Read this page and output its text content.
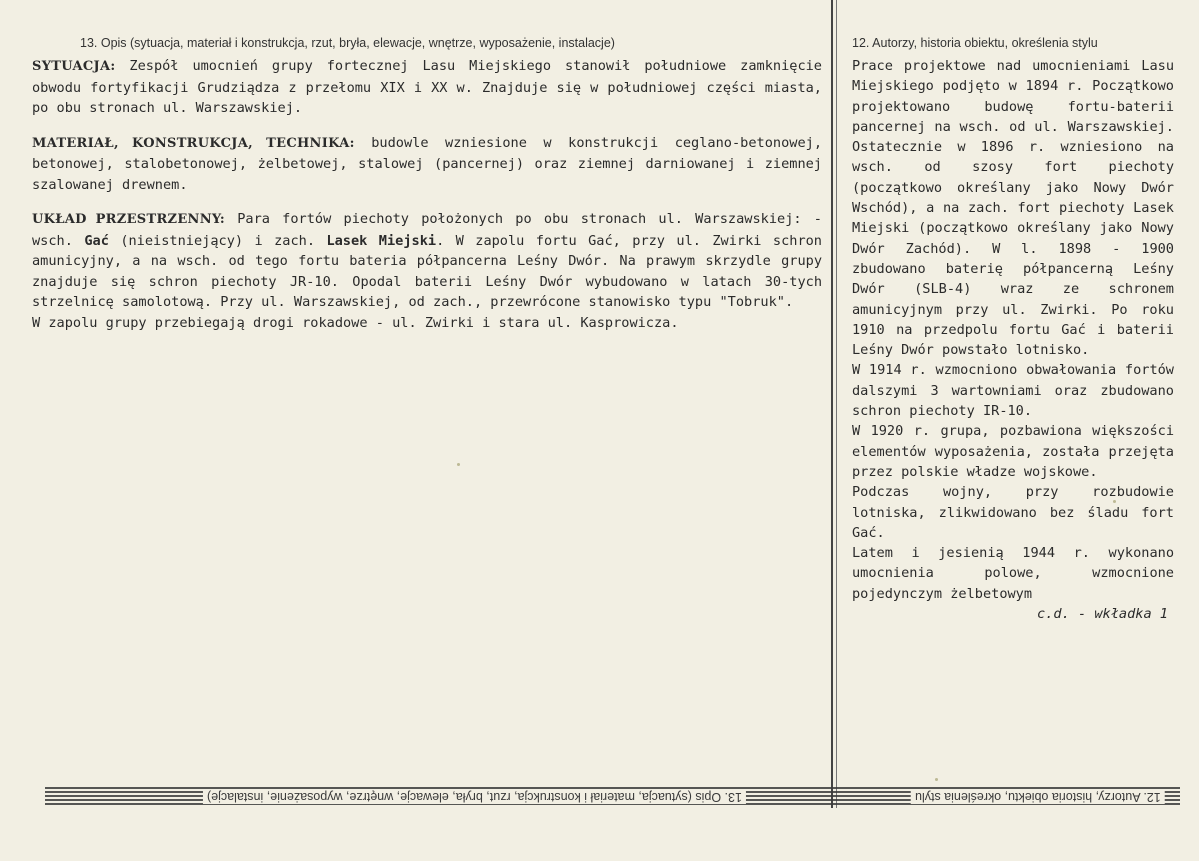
13. Opis (sytuacja, materiał i konstrukcja, rzut, bryła, elewacje, wnętrze, wyposażenie, instalacje)

SYTUACJA: Zespół umocnień grupy fortecznej Lasu Miejskiego stanowił południowe zamknięcie obwodu fortyfikacji Grudziądza z przełomu XIX i XX w. Znajduje się w południowej części miasta, po obu stronach ul. Warszawskiej.

MATERIAŁ, KONSTRUKCJA, TECHNIKA: budowle wzniesione w konstrukcji ceglano-betonowej, betonowej, stalobetonowej, żelbetowej, stalowej (pancernej) oraz ziemnej darniowanej i ziemnej szalowanej drewnem.

UKŁAD PRZESTRZENNY: Para fortów piechoty położonych po obu stronach ul. Warszawskiej: - wsch. Gać (nieistniejący) i zach. Lasek Miejski. W zapolu fortu Gać, przy ul. Zwirki schron amunicyjny, a na wsch. od tego fortu bateria półpancerna Leśny Dwór. Na prawym skrzydle grupy znajduje się schron piechoty JR-10. Opodal baterii Leśny Dwór wybudowano w latach 30-tych strzelnicę samolotową. Przy ul. Warszawskiej, od zach., przewrócone stanowisko typu "Tobruk".

W zapolu grupy przebiegają drogi rokadowe - ul. Zwirki i stara ul. Kasprowicza.

12. Autorzy, historia obiektu, określenia stylu

Prace projektowe nad umocnieniami Lasu Miejskiego podjęto w 1894 r. Początkowo projektowano budowę fortu-baterii pancernej na wsch. od ul. Warszawskiej. Ostatecznie w 1896 r. wzniesiono na wsch. od szosy fort piechoty (początkowo określany jako Nowy Dwór Wschód), a na zach. fort piechoty Lasek Miejski (początkowo określany jako Nowy Dwór Zachód). W l. 1898 - 1900 zbudowano baterię półpancerną Leśny Dwór (SLB-4) wraz ze schronem amunicyjnym przy ul. Zwirki. Po roku 1910 na przedpolu fortu Gać i baterii Leśny Dwór powstało lotnisko.

W 1914 r. wzmocniono obwałowania fortów dalszymi 3 wartowniami oraz zbudowano schron piechoty IR-10.

W 1920 r. grupa, pozbawiona większości elementów wyposażenia, została przejęta przez polskie władze wojskowe.

Podczas wojny, przy rozbudowie lotniska, zlikwidowano bez śladu fort Gać.

Latem i jesienią 1944 r. wykonano umocnienia polowe, wzmocnione pojedynczym żelbetowym

c.d. - wkładka 1

13. Opis (sytuacja, materiał i konstrukcja, rzut, bryła, elewacje, wnętrze, wyposażenie, instalacje)	12. Autorzy, historia obiektu, określenia stylu
